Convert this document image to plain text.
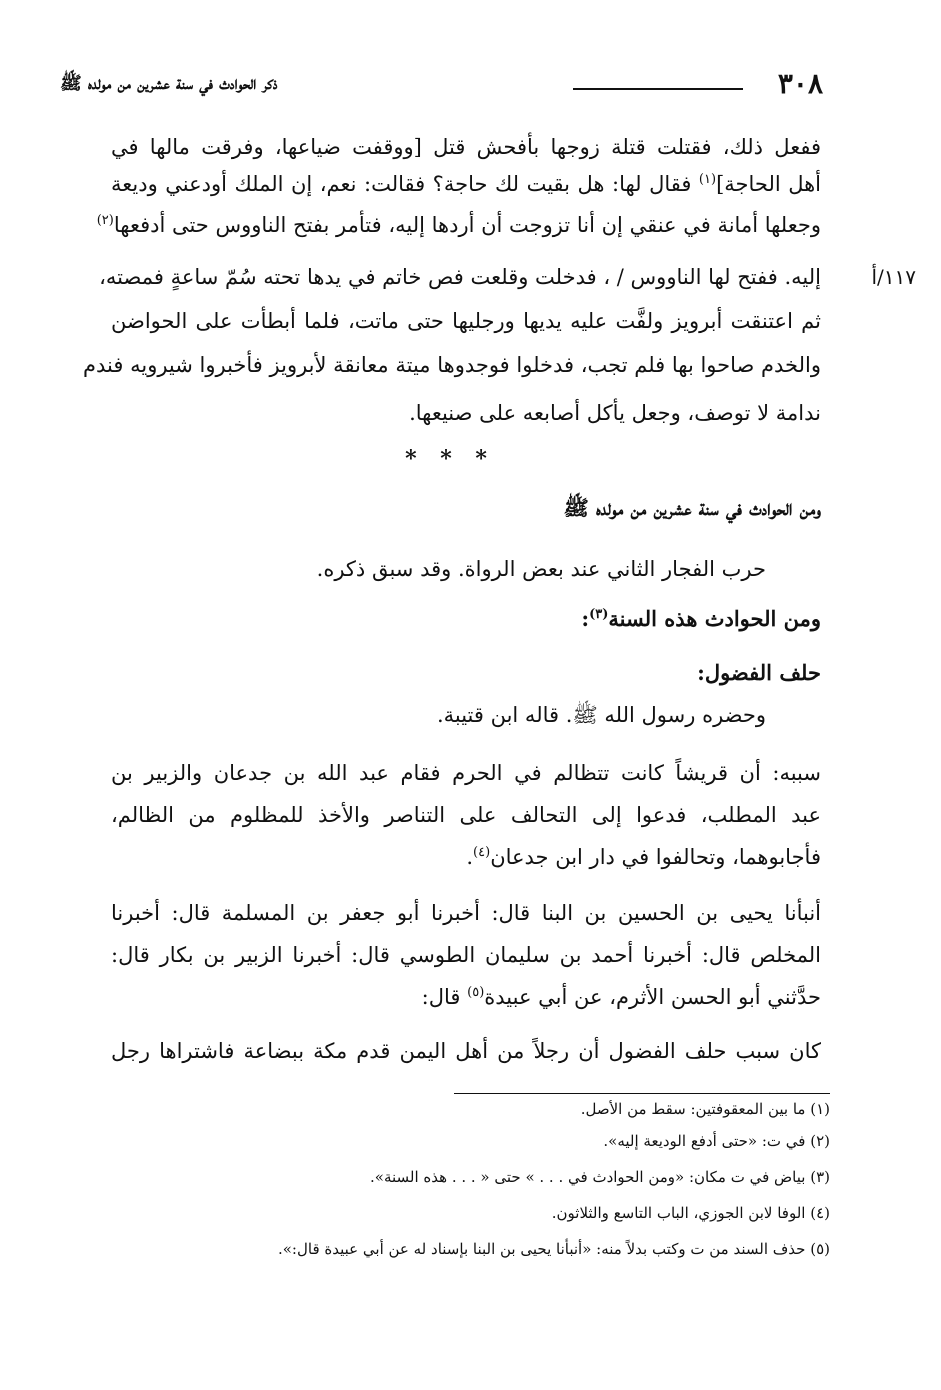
٣٠٨
ذكر الحوادث في سنة عشرين من مولده ﷺ
ففعل ذلك، فقتلت قتلة زوجها بأفحش قتل [ووقفت ضياعها، وفرقت مالها في
أهل الحاجة]$^{(١)}$ فقال لها: هل بقيت لك حاجة؟ فقالت: نعم، إن الملك أودعني وديعة
وجعلها أمانة في عنقي إن أنا تزوجت أن أردها إليه، فتأمر بفتح الناووس حتى أدفعها$^{(٢)}$
إليه. ففتح لها الناووس / ، فدخلت وقلعت فص خاتم في يدها تحته سُمّ ساعةٍ فمصته،	١١٧/أ
ثم اعتنقت أبرويز ولفَّت عليه يديها ورجليها حتى ماتت، فلما أبطأت على الحواضن
والخدم صاحوا بها فلم تجب، فدخلوا فوجدوها ميتة معانقة لأبرويز فأخبروا شيرويه فندم
ندامة لا توصف، وجعل يأكل أصابعه على صنيعها.
* * *
ومن الحوادث في سنة عشرين من مولده ﷺ
حرب الفجار الثاني عند بعض الرواة. وقد سبق ذكره.
ومن الحوادث هذه السنة$^{(٣)}$:
حلف الفضول:
وحضره رسول الله ﷺ. قاله ابن قتيبة.
سببه: أن قريشاً كانت تتظالم في الحرم فقام عبد الله بن جدعان والزبير بن
عبد المطلب، فدعوا إلى التحالف على التناصر والأخذ للمظلوم من الظالم،
فأجابوهما، وتحالفوا في دار ابن جدعان$^{(٤)}$.
أنبأنا يحيى بن الحسين بن البنا قال: أخبرنا أبو جعفر بن المسلمة قال: أخبرنا
المخلص قال: أخبرنا أحمد بن سليمان الطوسي قال: أخبرنا الزبير بن بكار قال:
حدَّثني أبو الحسن الأثرم، عن أبي عبيدة$^{(٥)}$ قال:
كان سبب حلف الفضول أن رجلاً من أهل اليمن قدم مكة ببضاعة فاشتراها رجل
(١) ما بين المعقوفتين: سقط من الأصل.
(٢) في ت: «حتى أدفع الوديعة إليه».
(٣) بياض في ت مكان: «ومن الحوادث في . . . » حتى « . . . هذه السنة».
(٤) الوفا لابن الجوزي، الباب التاسع والثلاثون.
(٥) حذف السند من ت وكتب بدلاً منه: «أنبأنا يحيى بن البنا بإسناد له عن أبي عبيدة قال:».
